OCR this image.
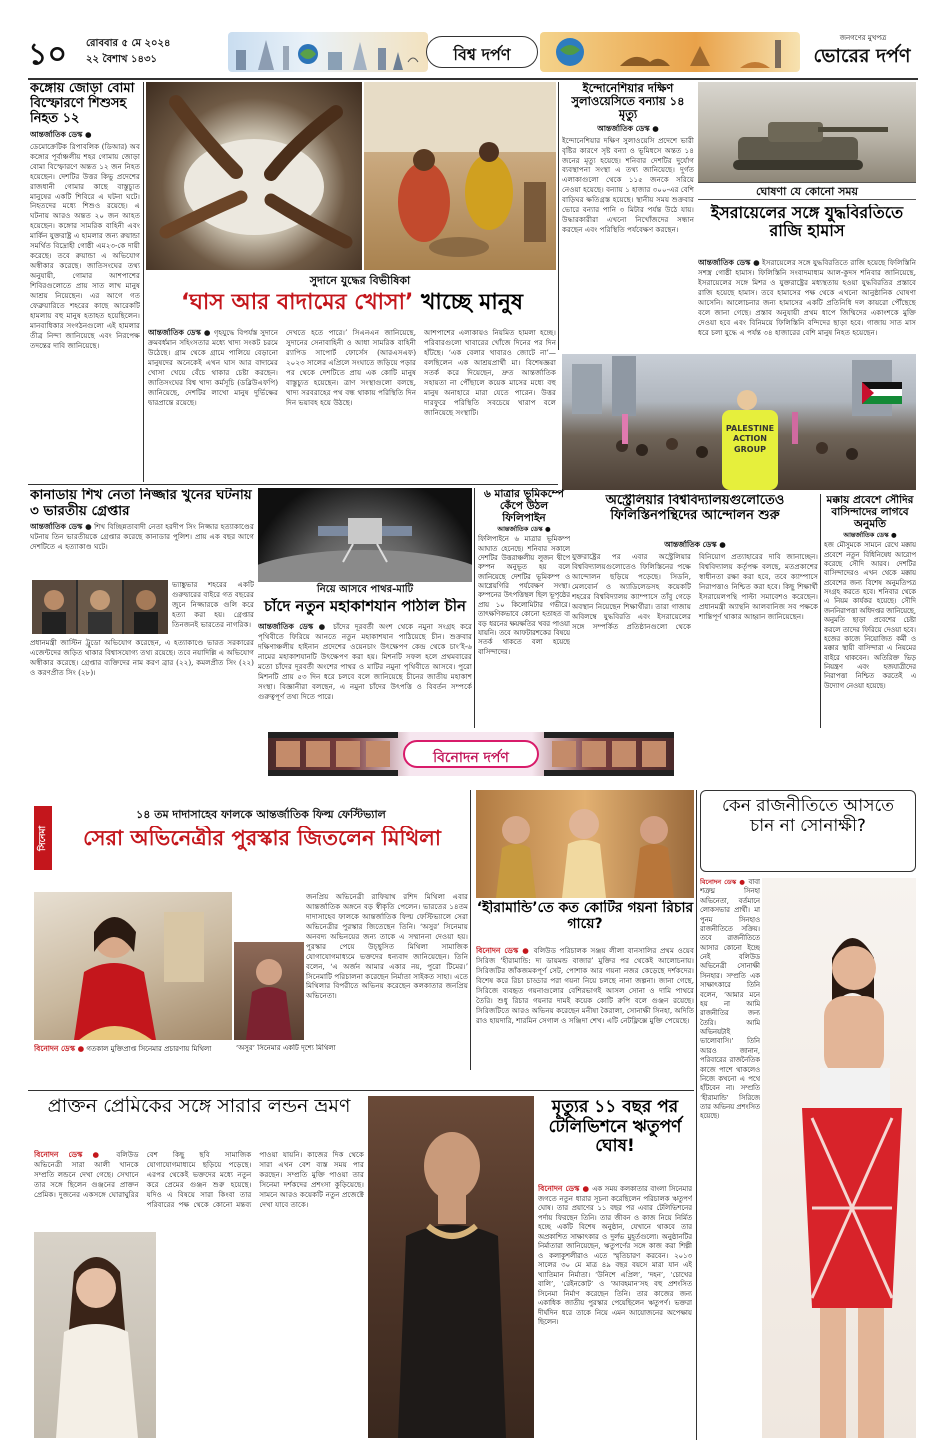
১০	রোববার ৫ মে ২০২৪
২২ বৈশাখ ১৪৩১	বিশ্ব দর্পণ
জনগণের মুখপত্র
ভোরের দর্পণ
কঙ্গোয় জোড়া বোমা বিস্ফোরণে শিশুসহ নিহত ১২
আন্তর্জাতিক ডেস্ক ●
ডেমোক্রেটিক রিপাবলিক (ডিআর) অব কঙ্গোর পূর্বাঞ্চলীয় শহর গোমায় জোড়া বোমা বিস্ফোরণে অন্তত ১২ জন নিহত হয়েছেন। দেশটির উত্তর কিভু প্রদেশের রাজধানী গোমার কাছে বাস্তুচ্যুত মানুষের একটি শিবিরে এ ঘটনা ঘটে। নিহতদের মধ্যে শিশুও রয়েছে। এ ঘটনায় আরও অন্তত ২০ জন আহত হয়েছেন। কঙ্গোর সামরিক বাহিনী এবং মার্কিন যুক্তরাষ্ট্র এ হামলার জন্য রুয়ান্ডা সমর্থিত বিদ্রোহী গোষ্ঠী এম২৩-কে দায়ী করেছে। তবে রুয়ান্ডা এ অভিযোগ অস্বীকার করেছে। জাতিসংঘের তথ্য অনুযায়ী, গোমার আশপাশের শিবিরগুলোতে প্রায় সাত লাখ মানুষ আশ্রয় নিয়েছেন। এর আগে গত ফেব্রুয়ারিতে শহরের কাছে আরেকটি হামলায় বহু মানুষ হতাহত হয়েছিলেন। মানবাধিকার সংগঠনগুলো এই হামলার তীব্র নিন্দা জানিয়েছে এবং নিরপেক্ষ তদন্তের দাবি জানিয়েছে।
ইন্দোনেশিয়ার দক্ষিণ সুলাওয়েসিতে বন্যায় ১৪ মৃত্যু
আন্তর্জাতিক ডেস্ক ●
ইন্দোনেশিয়ার দক্ষিণ সুলাওয়েসি প্রদেশে ভারী বৃষ্টির কারণে সৃষ্ট বন্যা ও ভূমিধসে অন্তত ১৪ জনের মৃত্যু হয়েছে। শনিবার দেশটির দুর্যোগ ব্যবস্থাপনা সংস্থা এ তথ্য জানিয়েছে। দুর্গত এলাকাগুলো থেকে ১১৫ জনকে সরিয়ে নেওয়া হয়েছে। বন্যায় ১ হাজার ৩০০-এর বেশি বাড়িঘর ক্ষতিগ্রস্ত হয়েছে। স্থানীয় সময় শুক্রবার ভোরে বন্যার পানি ৩ মিটার পর্যন্ত উঠে যায়। উদ্ধারকারীরা এখনো নিখোঁজদের সন্ধান করছেন এবং পরিস্থিতি পর্যবেক্ষণ করছেন।
ঘোষণা যে কোনো সময়
ইসরায়েলের সঙ্গে যুদ্ধবিরতিতে রাজি হামাস
আন্তর্জাতিক ডেস্ক ● ইসরায়েলের সঙ্গে যুদ্ধবিরতিতে রাজি হয়েছে ফিলিস্তিনি সশস্ত্র গোষ্ঠী হামাস। ফিলিস্তিনি সংবাদমাধ্যম আল-কুদস শনিবার জানিয়েছে, ইসরায়েলের সঙ্গে মিশর ও যুক্তরাষ্ট্রের মধ্যস্থতায় হওয়া যুদ্ধবিরতির প্রস্তাবে রাজি হয়েছে হামাস। তবে হামাসের পক্ষ থেকে এখনো আনুষ্ঠানিক ঘোষণা আসেনি। আলোচনার জন্য হামাসের একটি প্রতিনিধি দল কায়রো পৌঁছেছে বলে জানা গেছে। প্রস্তাব অনুযায়ী প্রথম ধাপে জিম্মিদের একাংশকে মুক্তি দেওয়া হবে এবং বিনিময়ে ফিলিস্তিনি বন্দিদের ছাড়া হবে। গাজায় সাত মাস ধরে চলা যুদ্ধে এ পর্যন্ত ৩৪ হাজারের বেশি মানুষ নিহত হয়েছেন।
সুদানে যুদ্ধের বিভীষিকা
‘ঘাস আর বাদামের খোসা’ খাচ্ছে মানুষ
আন্তর্জাতিক ডেস্ক ● গৃহযুদ্ধে বিপর্যস্ত সুদানে ক্রমবর্ধমান সহিংসতার মধ্যে খাদ্য সংকট চরমে উঠেছে। গ্রাম থেকে গ্রামে পালিয়ে বেড়ানো মানুষদের অনেকেই এখন ঘাস আর বাদামের খোসা খেয়ে বেঁচে থাকার চেষ্টা করছেন। জাতিসংঘের বিশ্ব খাদ্য কর্মসূচি (ডব্লিউএফপি) জানিয়েছে, দেশটির লাখো মানুষ দুর্ভিক্ষের দ্বারপ্রান্তে রয়েছে।
দেখতে হতে পারে।’ সিএনএন জানিয়েছে, সুদানের সেনাবাহিনী ও আধা সামরিক বাহিনী র‍্যাপিড সাপোর্ট ফোর্সেস (আরএসএফ) ২০২৩ সালের এপ্রিলে সংঘাতে জড়িয়ে পড়ার পর থেকে দেশটিতে প্রায় এক কোটি মানুষ বাস্তুচ্যুত হয়েছেন। ত্রাণ সংস্থাগুলো বলছে, খাদ্য সরবরাহের পথ বন্ধ থাকায় পরিস্থিতি দিন দিন ভয়াবহ হয়ে উঠছে।
আশপাশের এলাকায়ও নিয়মিত হামলা হচ্ছে। পরিবারগুলো খাবারের খোঁজে দিনের পর দিন হাঁটছে। ‘এক বেলার খাবারও জোটে না’—বলছিলেন এক আশ্রয়প্রার্থী মা। বিশেষজ্ঞরা সতর্ক করে দিয়েছেন, দ্রুত আন্তর্জাতিক সহায়তা না পৌঁছালে কয়েক মাসের মধ্যে বহু মানুষ অনাহারে মারা যেতে পারেন। উত্তর দারফুরে পরিস্থিতি সবচেয়ে খারাপ বলে জানিয়েছে সংস্থাটি।
PALESTINE
ACTION
GROUP
কানাডায় শিখ নেতা নিজ্জার খুনের ঘটনায় ৩ ভারতীয় গ্রেপ্তার
আন্তর্জাতিক ডেস্ক ● শিখ বিচ্ছিন্নতাবাদী নেতা হরদীপ সিং নিজ্জার হত্যাকাণ্ডের ঘটনায় তিন ভারতীয়কে গ্রেপ্তার করেছে কানাডার পুলিশ। প্রায় এক বছর আগে দেশটিতে এ হত্যাকাণ্ড ঘটে।
ভ্যাঙ্কুভার শহরের একটি গুরুদ্বারের বাইরে গত বছরের জুনে নিজ্জারকে গুলি করে হত্যা করা হয়। গ্রেপ্তার তিনজনই ভারতের নাগরিক।
প্রধানমন্ত্রী জাস্টিন ট্রুডো অভিযোগ করেছেন, এ হত্যাকাণ্ডে ভারত সরকারের এজেন্টদের জড়িত থাকার বিশ্বাসযোগ্য তথ্য রয়েছে। তবে নয়াদিল্লি এ অভিযোগ অস্বীকার করেছে। গ্রেপ্তার ব্যক্তিদের নাম করণ ব্রার (২২), কমলপ্রীত সিং (২২) ও করণপ্রীত সিং (২৮)।
নিয়ে আসবে পাথর-মাটি
চাঁদে নতুন মহাকাশযান পাঠাল চীন
আন্তর্জাতিক ডেস্ক ● চাঁদের দূরবর্তী অংশ থেকে নমুনা সংগ্রহ করে পৃথিবীতে ফিরিয়ে আনতে নতুন মহাকাশযান পাঠিয়েছে চীন। শুক্রবার দক্ষিণাঞ্চলীয় হাইনান প্রদেশের ওয়েনচাং উৎক্ষেপণ কেন্দ্র থেকে চাং’ই-৬ নামের মহাকাশযানটি উৎক্ষেপণ করা হয়। মিশনটি সফল হলে প্রথমবারের মতো চাঁদের দূরবর্তী অংশের পাথর ও মাটির নমুনা পৃথিবীতে আসবে। পুরো মিশনটি প্রায় ৫৩ দিন ধরে চলবে বলে জানিয়েছে চীনের জাতীয় মহাকাশ সংস্থা। বিজ্ঞানীরা বলছেন, এ নমুনা চাঁদের উৎপত্তি ও বিবর্তন সম্পর্কে গুরুত্বপূর্ণ তথ্য দিতে পারে।
৬ মাত্রার ভূমিকম্পে কেঁপে উঠল ফিলিপাইন
আন্তর্জাতিক ডেস্ক ●
ফিলিপাইনে ৬ মাত্রার ভূমিকম্প আঘাত হেনেছে। শনিবার সকালে দেশটির উত্তরাঞ্চলীয় লুজন দ্বীপে কম্পন অনুভূত হয় বলে জানিয়েছে দেশটির ভূমিকম্প ও আগ্নেয়গিরি পর্যবেক্ষণ সংস্থা। কম্পনের উৎপত্তিস্থল ছিল ভূপৃষ্ঠের প্রায় ১০ কিলোমিটার গভীরে। তাৎক্ষণিকভাবে কোনো হতাহত বা বড় ধরনের ক্ষয়ক্ষতির খবর পাওয়া যায়নি। তবে আফটারশকের বিষয়ে সতর্ক থাকতে বলা হয়েছে বাসিন্দাদের।
অস্ট্রেলিয়ার বিশ্ববিদ্যালয়গুলোতেও ফিলিস্তিনপন্থিদের আন্দোলন শুরু
আন্তর্জাতিক ডেস্ক ●
যুক্তরাষ্ট্রের পর এবার অস্ট্রেলিয়ার বিশ্ববিদ্যালয়গুলোতেও ফিলিস্তিনের পক্ষে আন্দোলন ছড়িয়ে পড়েছে। সিডনি, মেলবোর্ন ও অ্যাডিলেডসহ কয়েকটি শহরের বিশ্ববিদ্যালয় ক্যাম্পাসে তাঁবু গেড়ে অবস্থান নিয়েছেন শিক্ষার্থীরা। তারা গাজায় অবিলম্বে যুদ্ধবিরতি এবং ইসরায়েলের সঙ্গে সম্পর্কিত প্রতিষ্ঠানগুলো থেকে বিনিয়োগ প্রত্যাহারের দাবি জানাচ্ছেন। বিশ্ববিদ্যালয় কর্তৃপক্ষ বলছে, মতপ্রকাশের স্বাধীনতা রক্ষা করা হবে, তবে ক্যাম্পাসে নিরাপত্তাও নিশ্চিত করা হবে। কিছু শিক্ষার্থী ইসরায়েলপন্থি পাল্টা সমাবেশও করেছেন। প্রধানমন্ত্রী অ্যান্থনি আলবানিজ সব পক্ষকে শান্তিপূর্ণ থাকার আহ্বান জানিয়েছেন।
মক্কায় প্রবেশে সৌদির বাসিন্দাদের লাগবে অনুমতি
আন্তর্জাতিক ডেস্ক ●
হজ মৌসুমকে সামনে রেখে মক্কায় প্রবেশে নতুন বিধিনিষেধ আরোপ করেছে সৌদি আরব। দেশটির বাসিন্দাদেরও এখন থেকে মক্কায় প্রবেশের জন্য বিশেষ অনুমতিপত্র সংগ্রহ করতে হবে। শনিবার থেকে এ নিয়ম কার্যকর হয়েছে। সৌদি জননিরাপত্তা অধিদপ্তর জানিয়েছে, অনুমতি ছাড়া প্রবেশের চেষ্টা করলে তাদের ফিরিয়ে দেওয়া হবে। হজের কাজে নিয়োজিত কর্মী ও মক্কার স্থায়ী বাসিন্দারা এ নিয়মের বাইরে থাকবেন। অতিরিক্ত ভিড় নিয়ন্ত্রণ এবং হজযাত্রীদের নিরাপত্তা নিশ্চিত করতেই এ উদ্যোগ নেওয়া হয়েছে।
বিনোদন দর্পণ
সিনেমা
১৪ তম দাদাসাহেব ফালকে আন্তর্জাতিক ফিল্ম ফেস্টিভ্যাল
সেরা অভিনেত্রীর পুরস্কার জিতলেন মিথিলা
জনপ্রিয় অভিনেত্রী রাফিয়াথ রশিদ মিথিলা এবার আন্তর্জাতিক অঙ্গনে বড় স্বীকৃতি পেলেন। ভারতের ১৪তম দাদাসাহেব ফালকে আন্তর্জাতিক ফিল্ম ফেস্টিভ্যালে সেরা অভিনেত্রীর পুরস্কার জিতেছেন তিনি। ‘অসুর’ সিনেমায় অনবদ্য অভিনয়ের জন্য তাকে এ সম্মাননা দেওয়া হয়। পুরস্কার পেয়ে উচ্ছ্বসিত মিথিলা সামাজিক যোগাযোগমাধ্যমে ভক্তদের ধন্যবাদ জানিয়েছেন। তিনি বলেন, ‘এ অর্জন আমার একার নয়, পুরো টিমের।’ সিনেমাটি পরিচালনা করেছেন নির্মাতা সাইকত সাহা। এতে মিথিলার বিপরীতে অভিনয় করেছেন কলকাতার জনপ্রিয় অভিনেতা।
বিনোদন ডেস্ক ● গতকাল মুক্তিপ্রাপ্ত সিনেমার প্রচারণায় মিথিলা	‘অসুর’ সিনেমার একটি দৃশ্যে মিথিলা
‘হীরামান্ডি’তে কত কোটির গয়না রিচার গায়ে?
বিনোদন ডেস্ক ● বলিউড পরিচালক সঞ্জয় লীলা বানসালির প্রথম ওয়েব সিরিজ ‘হীরামান্ডি: দ্য ডায়মন্ড বাজার’ মুক্তির পর থেকেই আলোচনায়। সিরিজটির জাঁকজমকপূর্ণ সেট, পোশাক আর গয়না নজর কেড়েছে দর্শকদের। বিশেষ করে রিচা চাড্ডার পরা গয়না নিয়ে চলছে নানা জল্পনা। জানা গেছে, সিরিজে ব্যবহৃত গয়নাগুলোর বেশিরভাগই আসল সোনা ও দামি পাথরে তৈরি। শুধু রিচার গয়নার দামই কয়েক কোটি রুপি বলে গুঞ্জন রয়েছে। সিরিজটিতে আরও অভিনয় করেছেন মনীষা কৈরালা, সোনাক্ষী সিনহা, অদিতি রাও হায়দারি, শারমিন সেগাল ও সঞ্জিদা শেখ। এটি নেটফ্লিক্সে মুক্তি পেয়েছে।
কেন রাজনীতিতে আসতে চান না সোনাক্ষী?
বিনোদন ডেস্ক ● বাবা শত্রুঘ্ন সিনহা অভিনেতা, বর্তমানে লোকসভার প্রার্থী। মা পুনম সিনহাও রাজনীতিতে সক্রিয়। তবে রাজনীতিতে আসার কোনো ইচ্ছে নেই বলিউড অভিনেত্রী সোনাক্ষী সিনহার। সম্প্রতি এক সাক্ষাৎকারে তিনি বলেন, ‘আমার মনে হয় না আমি রাজনীতির জন্য তৈরি। আমি অভিনয়টাই ভালোবাসি।’ তিনি আরও জানান, পরিবারের রাজনৈতিক কাজে পাশে থাকলেও নিজে কখনো এ পথে হাঁটবেন না। সম্প্রতি ‘হীরামান্ডি’ সিরিজে তার অভিনয় প্রশংসিত হয়েছে।
প্রাক্তন প্রেমিকের সঙ্গে সারার লন্ডন ভ্রমণ
বিনোদন ডেস্ক ● বলিউড অভিনেত্রী সারা আলী খানকে সম্প্রতি লন্ডনে দেখা গেছে। সেখানে তার সঙ্গে ছিলেন গুঞ্জনের প্রাক্তন প্রেমিক। দুজনের একসঙ্গে ঘোরাঘুরির বেশ কিছু ছবি সামাজিক যোগাযোগমাধ্যমে ছড়িয়ে পড়েছে। এরপর থেকেই ভক্তদের মধ্যে নতুন করে প্রেমের গুঞ্জন শুরু হয়েছে। যদিও এ বিষয়ে সারা কিংবা তার পরিবারের পক্ষ থেকে কোনো মন্তব্য পাওয়া যায়নি। কাজের দিক থেকে সারা এখন বেশ ব্যস্ত সময় পার করছেন। সম্প্রতি মুক্তি পাওয়া তার সিনেমা দর্শকদের প্রশংসা কুড়িয়েছে। সামনে আরও কয়েকটি নতুন প্রজেক্টে দেখা যাবে তাকে।
মৃত্যুর ১১ বছর পর টেলিভিশনে ঋতুপর্ণ ঘোষ!
বিনোদন ডেস্ক ● এক সময় কলকাতার বাংলা সিনেমার জগতে নতুন ধারার সূচনা করেছিলেন পরিচালক ঋতুপর্ণ ঘোষ। তার প্রয়াণের ১১ বছর পর এবার টেলিভিশনের পর্দায় ফিরছেন তিনি। তার জীবন ও কাজ নিয়ে নির্মিত হচ্ছে একটি বিশেষ অনুষ্ঠান, যেখানে থাকবে তার অপ্রকাশিত সাক্ষাৎকার ও দুর্লভ মুহূর্তগুলো। অনুষ্ঠানটির নির্মাতারা জানিয়েছেন, ঋতুপর্ণের সঙ্গে কাজ করা শিল্পী ও কলাকুশলীরাও এতে স্মৃতিচারণ করবেন। ২০১৩ সালের ৩০ মে মাত্র ৪৯ বছর বয়সে মারা যান এই খ্যাতিমান নির্মাতা। ‘উনিশে এপ্রিল’, ‘দহন’, ‘চোখের বালি’, ‘রেইনকোট’ ও ‘আবহমান’সহ বহু প্রশংসিত সিনেমা নির্মাণ করেছেন তিনি। তার কাজের জন্য একাধিক জাতীয় পুরস্কার পেয়েছিলেন ঋতুপর্ণ। ভক্তরা দীর্ঘদিন ধরে তাকে নিয়ে এমন আয়োজনের অপেক্ষায় ছিলেন।
